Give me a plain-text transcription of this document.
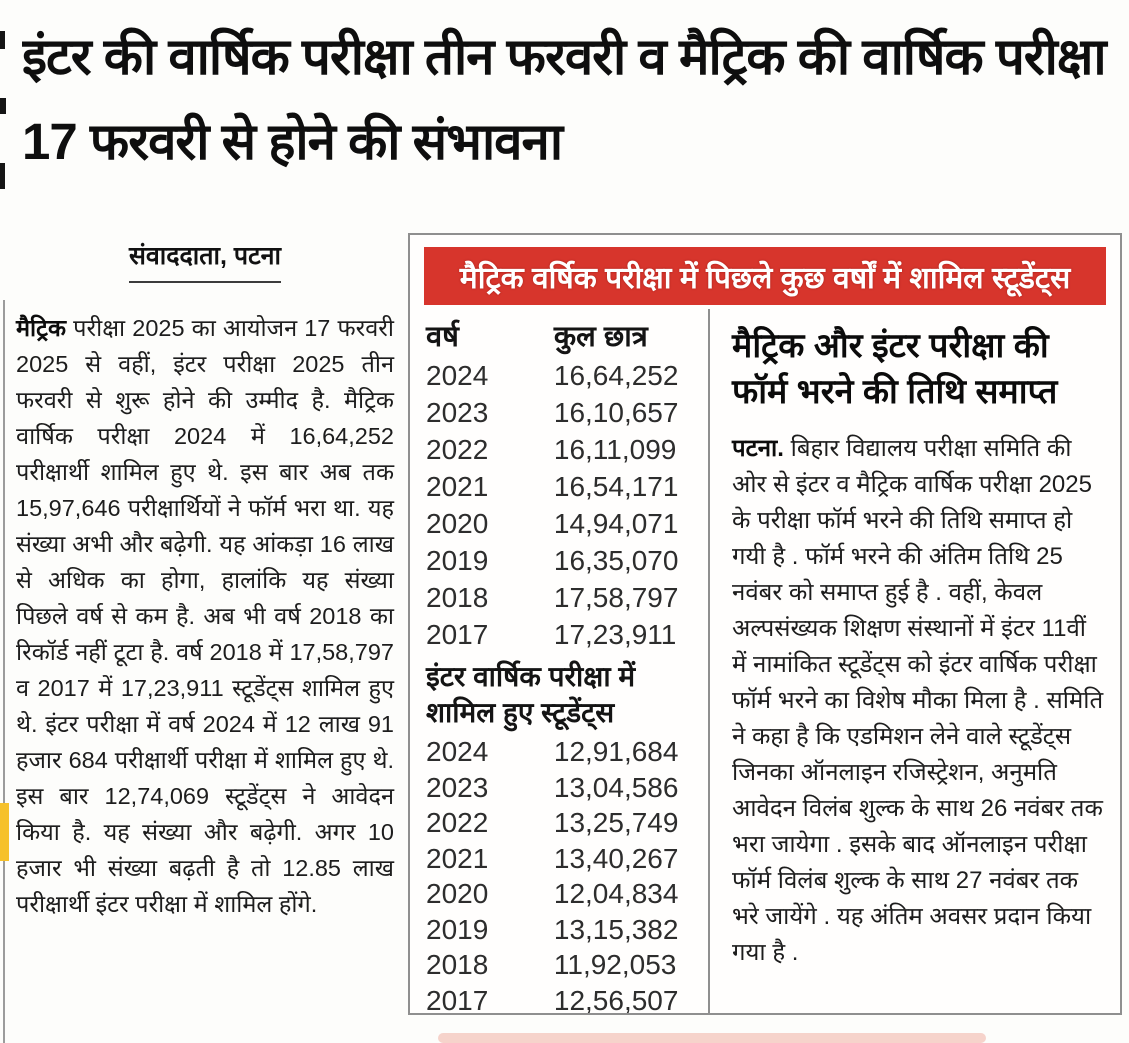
इंटर की वार्षिक परीक्षा तीन फरवरी व मैट्रिक की वार्षिक परीक्षा 17 फरवरी से होने की संभावना
संवाददाता, पटना
मैट्रिक परीक्षा 2025 का आयोजन 17 फरवरी 2025 से वहीं, इंटर परीक्षा 2025 तीन फरवरी से शुरू होने की उम्मीद है. मैट्रिक वार्षिक परीक्षा 2024 में 16,64,252 परीक्षार्थी शामिल हुए थे. इस बार अब तक 15,97,646 परीक्षार्थियों ने फॉर्म भरा था. यह संख्या अभी और बढ़ेगी. यह आंकड़ा 16 लाख से अधिक का होगा, हालांकि यह संख्या पिछले वर्ष से कम है. अब भी वर्ष 2018 का रिकॉर्ड नहीं टूटा है. वर्ष 2018 में 17,58,797 व 2017 में 17,23,911 स्टूडेंट्स शामिल हुए थे. इंटर परीक्षा में वर्ष 2024 में 12 लाख 91 हजार 684 परीक्षार्थी परीक्षा में शामिल हुए थे. इस बार 12,74,069 स्टूडेंट्स ने आवेदन किया है. यह संख्या और बढ़ेगी. अगर 10 हजार भी संख्या बढ़ती है तो 12.85 लाख परीक्षार्थी इंटर परीक्षा में शामिल होंगे.
मैट्रिक वर्षिक परीक्षा में पिछले कुछ वर्षों में शामिल स्टूडेंट्स
वर्ष	कुल छात्र
2024	16,64,252
2023	16,10,657
2022	16,11,099
2021	16,54,171
2020	14,94,071
2019	16,35,070
2018	17,58,797
2017	17,23,911
इंटर वार्षिक परीक्षा में शामिल हुए स्टूडेंट्स
2024	12,91,684
2023	13,04,586
2022	13,25,749
2021	13,40,267
2020	12,04,834
2019	13,15,382
2018	11,92,053
2017	12,56,507
मैट्रिक और इंटर परीक्षा की फॉर्म भरने की तिथि समाप्त
पटना. बिहार विद्यालय परीक्षा समिति की ओर से इंटर व मैट्रिक वार्षिक परीक्षा 2025 के परीक्षा फॉर्म भरने की तिथि समाप्त हो गयी है . फॉर्म भरने की अंतिम तिथि 25 नवंबर को समाप्त हुई है . वहीं, केवल अल्पसंख्यक शिक्षण संस्थानों में इंटर 11वीं में नामांकित स्टूडेंट्स को इंटर वार्षिक परीक्षा फॉर्म भरने का विशेष मौका मिला है . समिति ने कहा है कि एडमिशन लेने वाले स्टूडेंट्स जिनका ऑनलाइन रजिस्ट्रेशन, अनुमति आवेदन विलंब शुल्क के साथ 26 नवंबर तक भरा जायेगा . इसके बाद ऑनलाइन परीक्षा फॉर्म विलंब शुल्क के साथ 27 नवंबर तक भरे जायेंगे . यह अंतिम अवसर प्रदान किया गया है .
